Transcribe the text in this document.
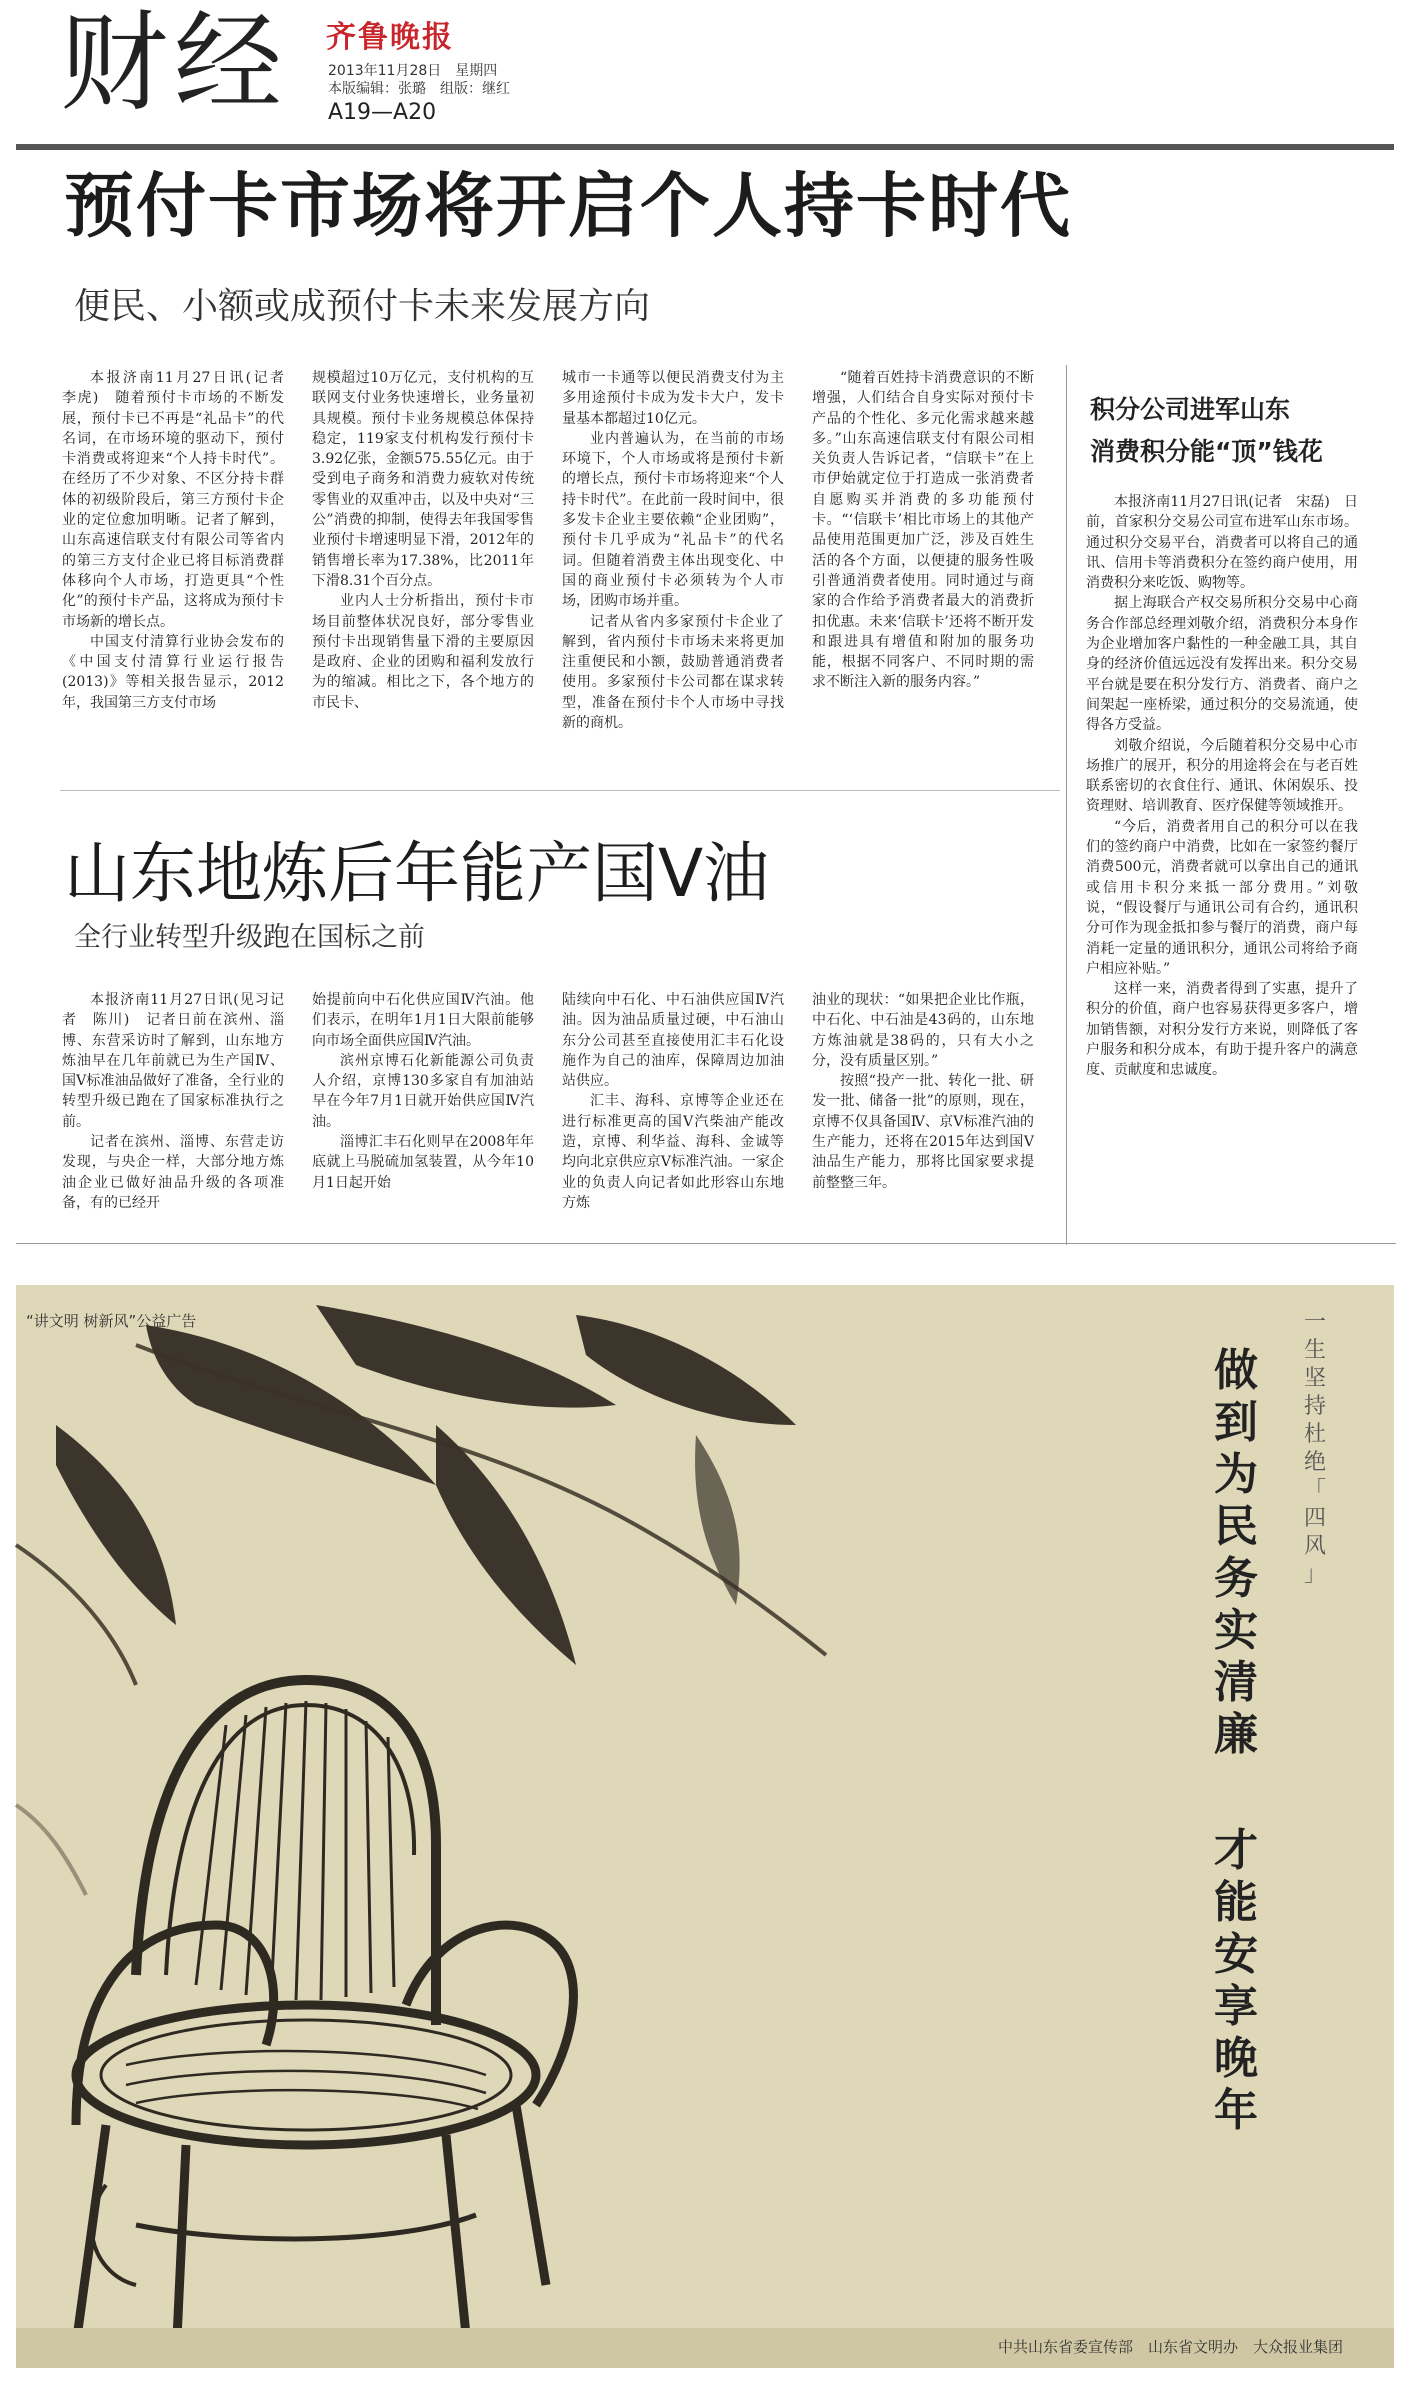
财经 齐鲁晚报
2013年11月28日　星期四
本版编辑：张璐　组版：继红
A19—A20
预付卡市场将开启个人持卡时代
便民、小额或成预付卡未来发展方向

本报济南11月27日讯(记者　李虎)　随着预付卡市场的不断发展，预付卡已不再是“礼品卡”的代名词，在市场环境的驱动下，预付卡消费或将迎来“个人持卡时代”。在经历了不少对象、不区分持卡群体的初级阶段后，第三方预付卡企业的定位愈加明晰。记者了解到，山东高速信联支付有限公司等省内的第三方支付企业已将目标消费群体移向个人市场，打造更具“个性化”的预付卡产品，这将成为预付卡市场新的增长点。

中国支付清算行业协会发布的《中国支付清算行业运行报告(2013)》等相关报告显示，2012年，我国第三方支付市场

规模超过10万亿元，支付机构的互联网支付业务快速增长，业务量初具规模。预付卡业务规模总体保持稳定，119家支付机构发行预付卡3.92亿张，金额575.55亿元。由于受到电子商务和消费力疲软对传统零售业的双重冲击，以及中央对“三公”消费的抑制，使得去年我国零售业预付卡增速明显下滑，2012年的销售增长率为17.38%，比2011年下滑8.31个百分点。

业内人士分析指出，预付卡市场目前整体状况良好，部分零售业预付卡出现销售量下滑的主要原因是政府、企业的团购和福利发放行为的缩减。相比之下，各个地方的市民卡、

城市一卡通等以便民消费支付为主多用途预付卡成为发卡大户，发卡量基本都超过10亿元。

业内普遍认为，在当前的市场环境下，个人市场或将是预付卡新的增长点，预付卡市场将迎来“个人持卡时代”。在此前一段时间中，很多发卡企业主要依赖“企业团购”，预付卡几乎成为“礼品卡”的代名词。但随着消费主体出现变化、中国的商业预付卡必须转为个人市场，团购市场并重。

记者从省内多家预付卡企业了解到，省内预付卡市场未来将更加注重便民和小额，鼓励普通消费者使用。多家预付卡公司都在谋求转型，准备在预付卡个人市场中寻找新的商机。

“随着百姓持卡消费意识的不断增强，人们结合自身实际对预付卡产品的个性化、多元化需求越来越多。”山东高速信联支付有限公司相关负责人告诉记者，“信联卡”在上市伊始就定位于打造成一张消费者自愿购买并消费的多功能预付卡。“‘信联卡’相比市场上的其他产品使用范围更加广泛，涉及百姓生活的各个方面，以便捷的服务性吸引普通消费者使用。同时通过与商家的合作给予消费者最大的消费折扣优惠。未来‘信联卡’还将不断开发和跟进具有增值和附加的服务功能，根据不同客户、不同时期的需求不断注入新的服务内容。”

积分公司进军山东
消费积分能“顶”钱花

本报济南11月27日讯(记者　宋磊)　日前，首家积分交易公司宣布进军山东市场。通过积分交易平台，消费者可以将自己的通讯、信用卡等消费积分在签约商户使用，用消费积分来吃饭、购物等。

据上海联合产权交易所积分交易中心商务合作部总经理刘敬介绍，消费积分本身作为企业增加客户黏性的一种金融工具，其自身的经济价值远远没有发挥出来。积分交易平台就是要在积分发行方、消费者、商户之间架起一座桥梁，通过积分的交易流通，使得各方受益。

刘敬介绍说，今后随着积分交易中心市场推广的展开，积分的用途将会在与老百姓联系密切的衣食住行、通讯、休闲娱乐、投资理财、培训教育、医疗保健等领域推开。

“今后，消费者用自己的积分可以在我们的签约商户中消费，比如在一家签约餐厅消费500元，消费者就可以拿出自己的通讯或信用卡积分来抵一部分费用。”刘敬说，“假设餐厅与通讯公司有合约，通讯积分可作为现金抵扣参与餐厅的消费，商户每消耗一定量的通讯积分，通讯公司将给予商户相应补贴。”

这样一来，消费者得到了实惠，提升了积分的价值，商户也容易获得更多客户，增加销售额，对积分发行方来说，则降低了客户服务和积分成本，有助于提升客户的满意度、贡献度和忠诚度。

山东地炼后年能产国Ⅴ油
全行业转型升级跑在国标之前

本报济南11月27日讯(见习记者　陈川)　记者日前在滨州、淄博、东营采访时了解到，山东地方炼油早在几年前就已为生产国Ⅳ、国Ⅴ标准油品做好了准备，全行业的转型升级已跑在了国家标准执行之前。

记者在滨州、淄博、东营走访发现，与央企一样，大部分地方炼油企业已做好油品升级的各项准备，有的已经开

始提前向中石化供应国Ⅳ汽油。他们表示，在明年1月1日大限前能够向市场全面供应国Ⅳ汽油。

滨州京博石化新能源公司负责人介绍，京博130多家自有加油站早在今年7月1日就开始供应国Ⅳ汽油。

淄博汇丰石化则早在2008年年底就上马脱硫加氢装置，从今年10月1日起开始

陆续向中石化、中石油供应国Ⅳ汽油。因为油品质量过硬，中石油山东分公司甚至直接使用汇丰石化设施作为自己的油库，保障周边加油站供应。

汇丰、海科、京博等企业还在进行标准更高的国Ⅴ汽柴油产能改造，京博、利华益、海科、金诚等均向北京供应京Ⅴ标准汽油。一家企业的负责人向记者如此形容山东地方炼

油业的现状：“如果把企业比作瓶，中石化、中石油是43码的，山东地方炼油就是38码的，只有大小之分，没有质量区别。”

按照“投产一批、转化一批、研发一批、储备一批”的原则，现在，京博不仅具备国Ⅳ、京Ⅴ标准汽油的生产能力，还将在2015年达到国Ⅴ油品生产能力，那将比国家要求提前整整三年。

一
生
坚
持
杜
绝
「
四
风
」
做
到
为
民
务
实
清
廉
才
能
安
享
晚
年
“讲文明 树新风”公益广告
中共山东省委宣传部　山东省文明办　大众报业集团
